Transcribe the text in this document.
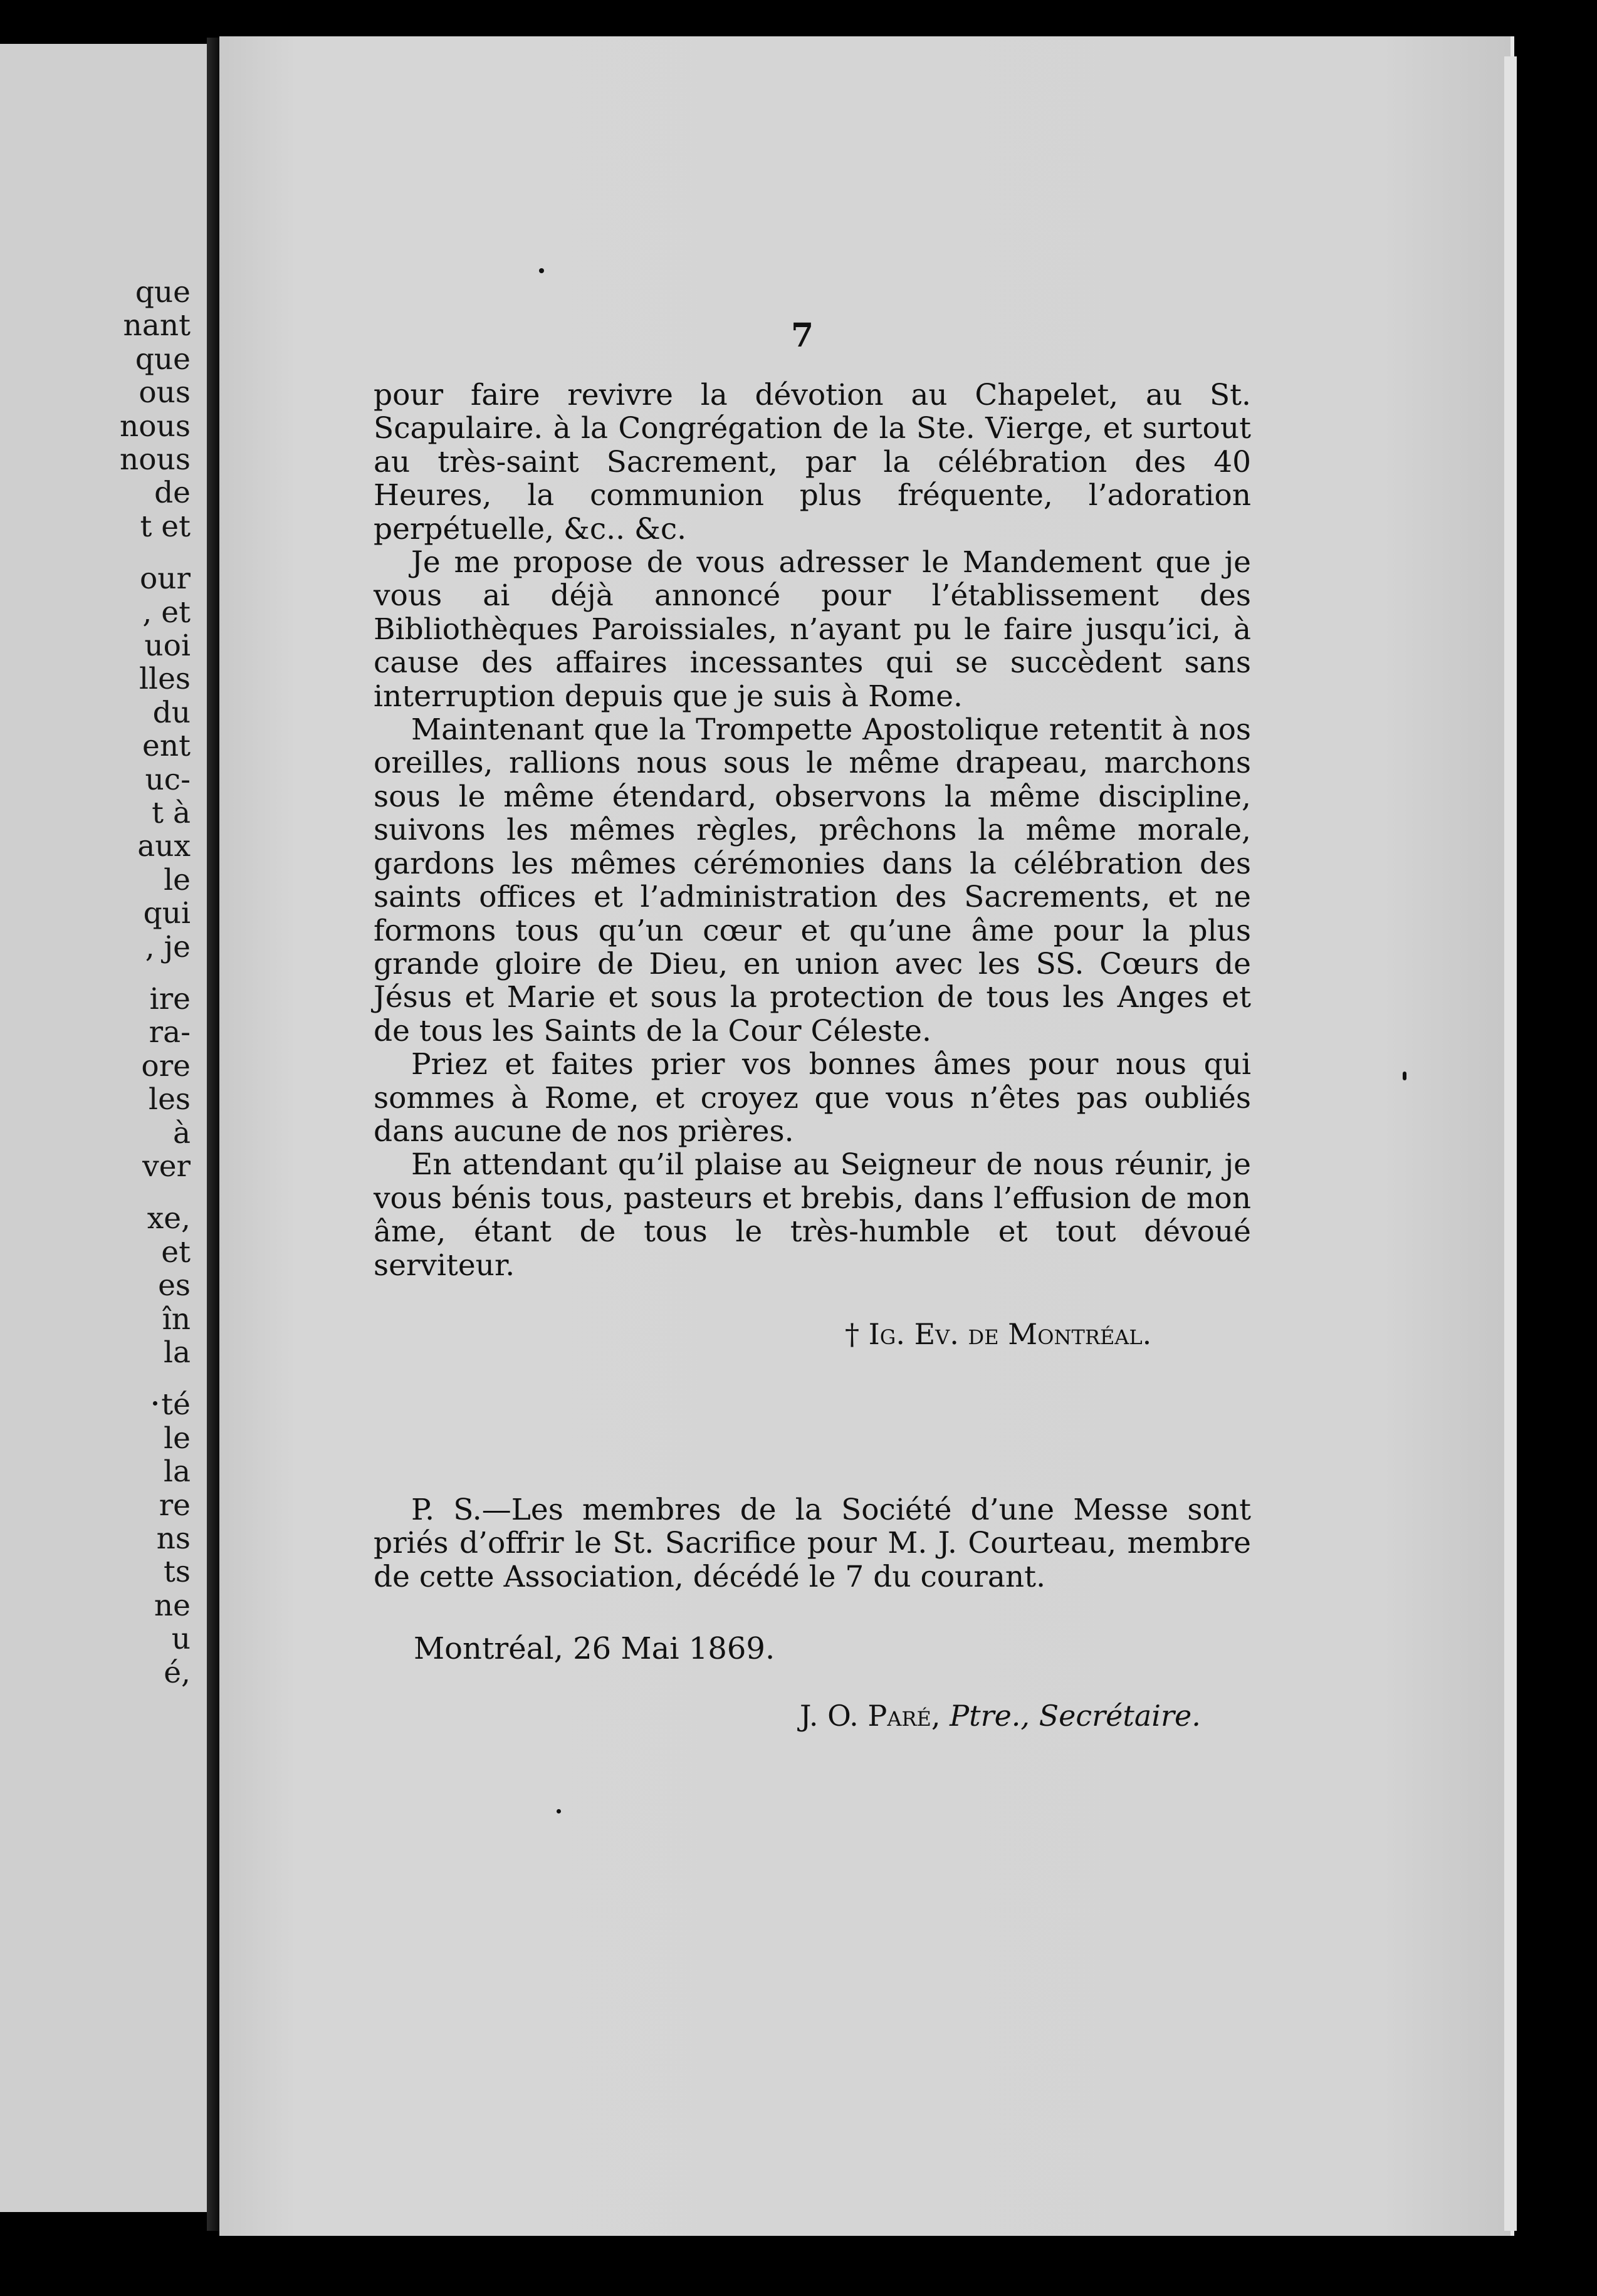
que
nant
que
ous
nous
nous
de
t et
our
, et
uoi
lles
du
ent
uc-
t à
aux
le
qui
, je
ire
ra-
ore
les
à
ver
xe,
et
es
în
la
té
le
la
re
ns
ts
ne
u
é,
7

pour faire revivre la dévotion au Chapelet, au St. Scapulaire. à la Congrégation de la Ste. Vierge, et surtout au très-saint Sacrement, par la célébration des 40 Heures, la communion plus fréquente, l’adoration perpétuelle, &c.. &c.

Je me propose de vous adresser le Mandement que je vous ai déjà annoncé pour l’établissement des Bibliothèques Paroissiales, n’ayant pu le faire jusqu’ici, à cause des affaires incessantes qui se succèdent sans interruption depuis que je suis à Rome.

Maintenant que la Trompette Apostolique retentit à nos oreilles, rallions nous sous le même drapeau, marchons sous le même étendard, observons la même discipline, suivons les mêmes règles, prêchons la même morale, gardons les mêmes cérémonies dans la célébration des saints offices et l’administration des Sacrements, et ne formons tous qu’un cœur et qu’une âme pour la plus grande gloire de Dieu, en union avec les SS. Cœurs de Jésus et Marie et sous la protection de tous les Anges et de tous les Saints de la Cour Céleste.

Priez et faites prier vos bonnes âmes pour nous qui sommes à Rome, et croyez que vous n’êtes pas oubliés dans aucune de nos prières.

En attendant qu’il plaise au Seigneur de nous réunir, je vous bénis tous, pasteurs et brebis, dans l’effusion de mon âme, étant de tous le très-humble et tout dévoué serviteur.

† Ig. Ev. de Montréal.

P. S.—Les membres de la Société d’une Messe sont priés d’offrir le St. Sacrifice pour M. J. Courteau, membre de cette Association, décédé le 7 du courant.

Montréal, 26 Mai 1869.
J. O. Paré, Ptre., Secrétaire.
